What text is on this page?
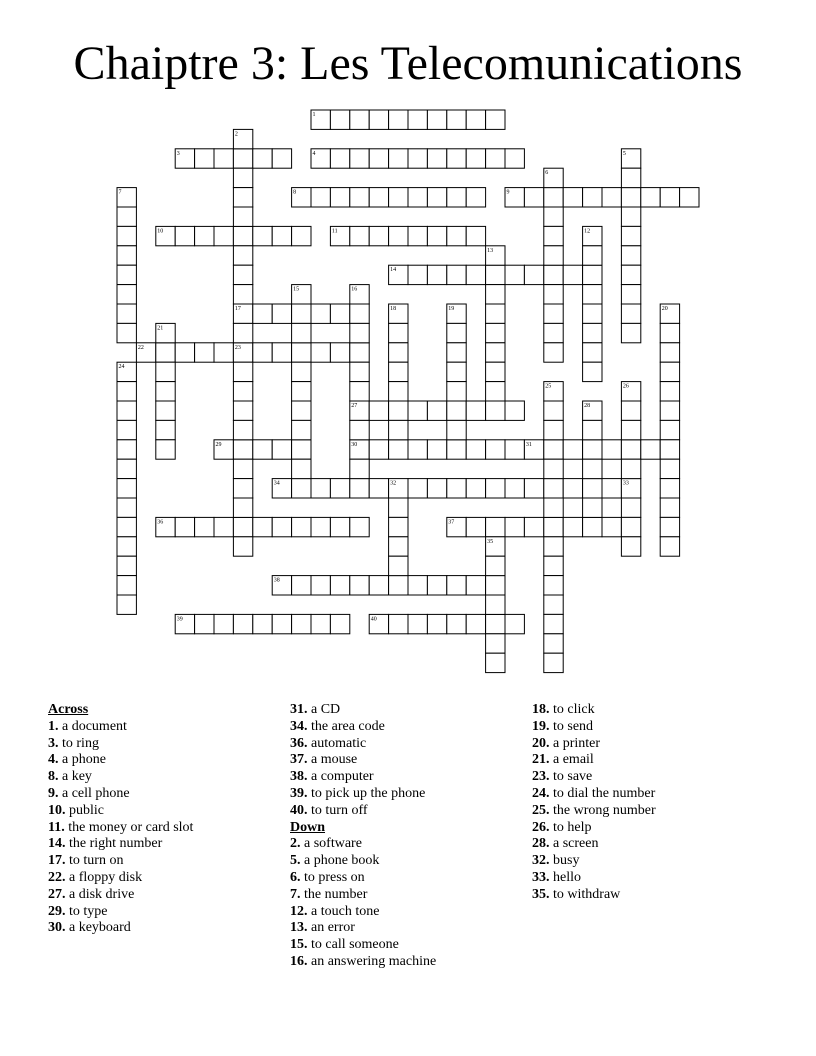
Chaiptre 3: Les Telecomunications
1
3	4
8	9
10	11
14
17
22
27
29	30	31
34
36	37
38
39	40
2
5
6
7
12
13
15	16
18	19	20
21
23
24
25	26
28
32	33
35
Across
1. a document
3. to ring
4. a phone
8. a key
9. a cell phone
10. public
11. the money or card slot
14. the right number
17. to turn on
22. a floppy disk
27. a disk drive
29. to type
30. a keyboard
31. a CD
34. the area code
36. automatic
37. a mouse
38. a computer
39. to pick up the phone
40. to turn off
Down
2. a software
5. a phone book
6. to press on
7. the number
12. a touch tone
13. an error
15. to call someone
16. an answering machine
18. to click
19. to send
20. a printer
21. a email
23. to save
24. to dial the number
25. the wrong number
26. to help
28. a screen
32. busy
33. hello
35. to withdraw
